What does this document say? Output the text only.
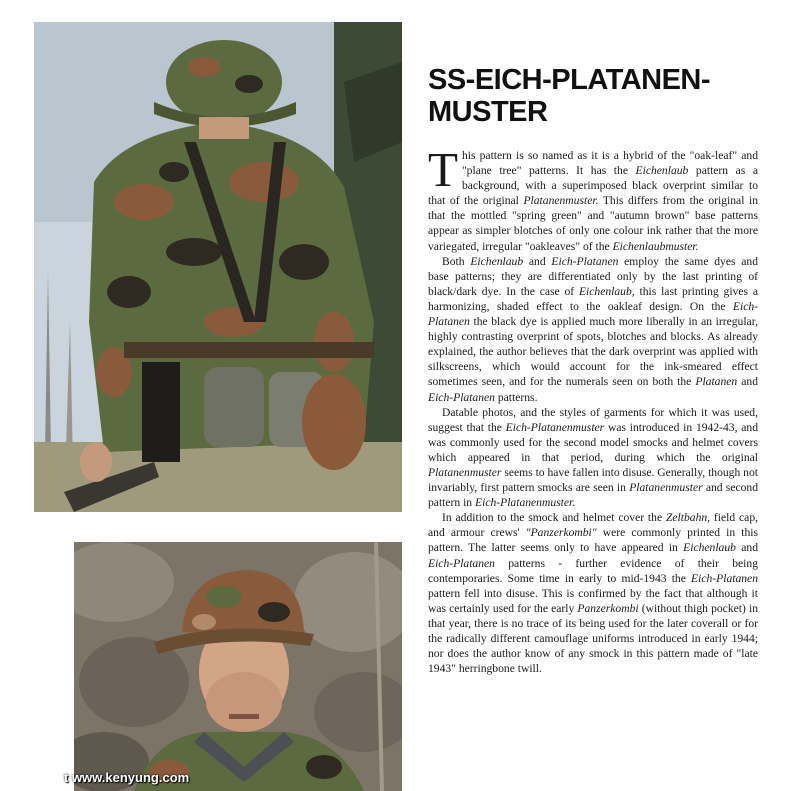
t www.kenyung.com
SS-EICH-PLATANEN-
MUSTER

This pattern is so named as it is a hybrid of the "oak-leaf" and "plane tree" patterns. It has the Eichenlaub pattern as a background, with a superimposed black overprint similar to that of the original Platanenmuster. This differs from the original in that the mottled "spring green" and "autumn brown" base patterns appear as simpler blotches of only one colour ink rather that the more variegated, irregular "oakleaves" of the Eichenlaubmuster.

Both Eichenlaub and Eich-Platanen employ the same dyes and base patterns; they are differentiated only by the last printing of black/dark dye. In the case of Eichenlaub, this last printing gives a harmonizing, shaded effect to the oakleaf design. On the Eich-Platanen the black dye is applied much more liberally in an irregular, highly contrasting overprint of spots, blotches and blocks. As already explained, the author believes that the dark overprint was applied with silkscreens, which would account for the ink-smeared effect sometimes seen, and for the numerals seen on both the Platanen and Eich-Platanen patterns.

Datable photos, and the styles of garments for which it was used, suggest that the Eich-Platanenmuster was introduced in 1942-43, and was commonly used for the second model smocks and helmet covers which appeared in that period, during which the original Platanenmuster seems to have fallen into disuse. Generally, though not invariably, first pattern smocks are seen in Platanenmuster and second pattern in Eich-Platanenmuster.

In addition to the smock and helmet cover the Zeltbahn, field cap, and armour crews' "Panzerkombi" were commonly printed in this pattern. The latter seems only to have appeared in Eichenlaub and Eich-Platanen patterns - further evidence of their being contemporaries. Some time in early to mid-1943 the Eich-Platanen pattern fell into disuse. This is confirmed by the fact that although it was certainly used for the early Panzerkombi (without thigh pocket) in that year, there is no trace of its being used for the later coverall or for the radically different camouflage uniforms introduced in early 1944; nor does the author know of any smock in this pattern made of "late 1943" herringbone twill.
